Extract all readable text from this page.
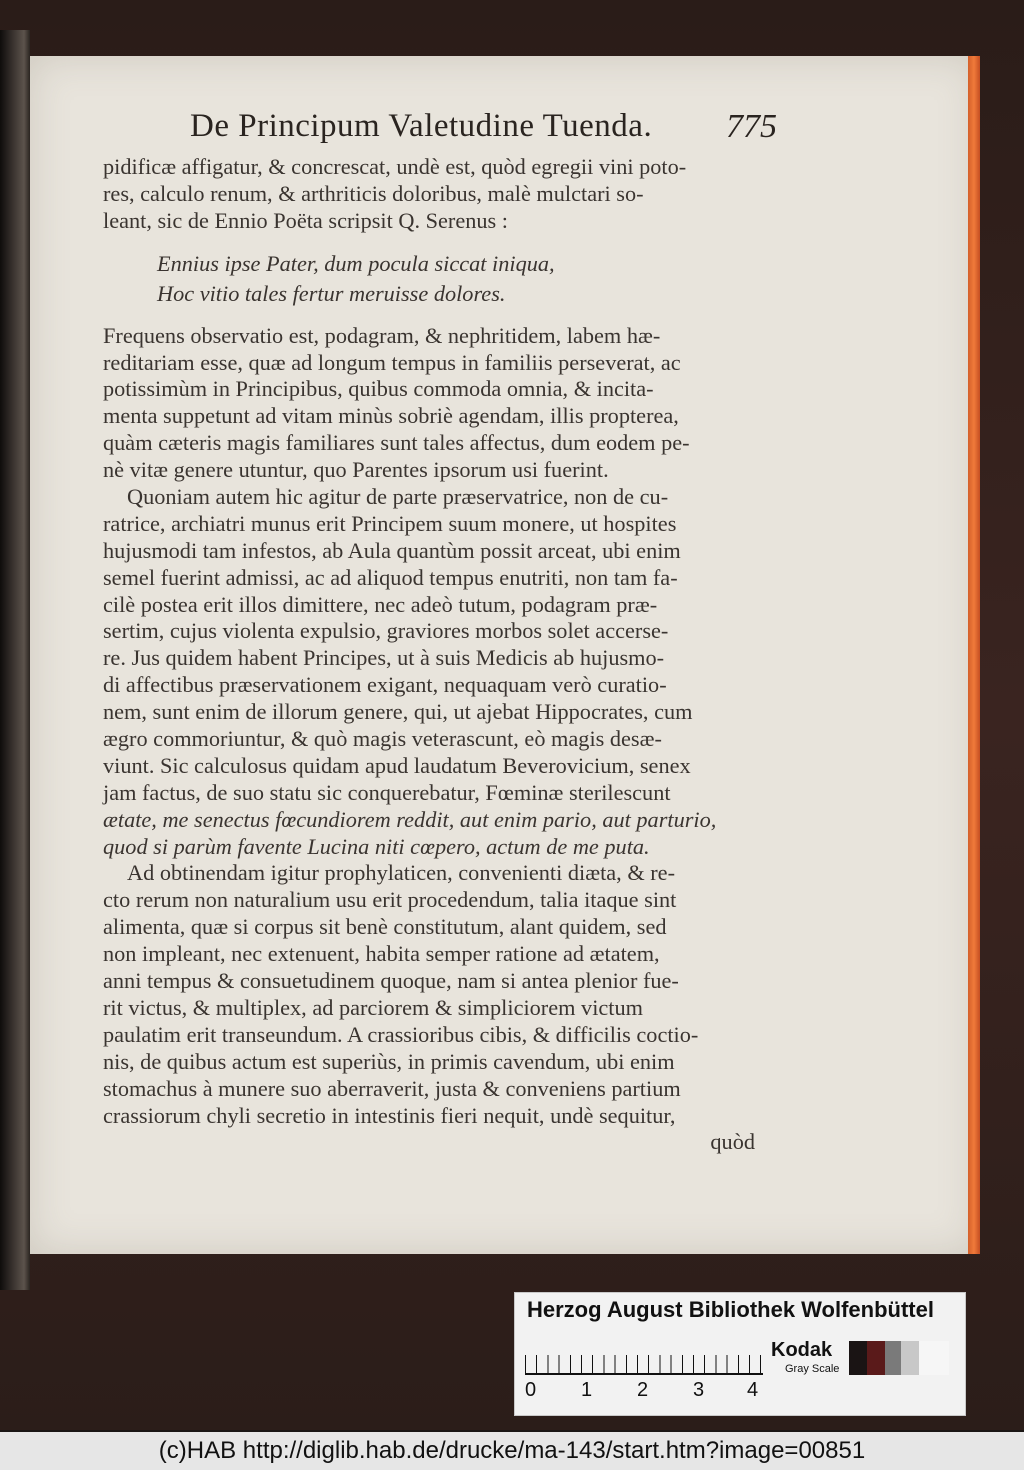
De Principum Valetudine Tuenda.	775
pidificæ affigatur, & concrescat, undè est, quòd egregii vini poto-
res, calculo renum, & arthriticis doloribus, malè mulctari so-
leant, sic de Ennio Poëta scripsit Q. Serenus :
Ennius ipse Pater, dum pocula siccat iniqua,
Hoc vitio tales fertur meruisse dolores.
Frequens observatio est, podagram, & nephritidem, labem hæ-
reditariam esse, quæ ad longum tempus in familiis perseverat, ac
potissimùm in Principibus, quibus commoda omnia, & incita-
menta suppetunt ad vitam minùs sobriè agendam, illis propterea,
quàm cæteris magis familiares sunt tales affectus, dum eodem pe-
nè vitæ genere utuntur, quo Parentes ipsorum usi fuerint.
Quoniam autem hic agitur de parte præservatrice, non de cu-
ratrice, archiatri munus erit Principem suum monere, ut hospites
hujusmodi tam infestos, ab Aula quantùm possit arceat, ubi enim
semel fuerint admissi, ac ad aliquod tempus enutriti, non tam fa-
cilè postea erit illos dimittere, nec adeò tutum, podagram præ-
sertim, cujus violenta expulsio, graviores morbos solet accerse-
re. Jus quidem habent Principes, ut à suis Medicis ab hujusmo-
di affectibus præservationem exigant, nequaquam verò curatio-
nem, sunt enim de illorum genere, qui, ut ajebat Hippocrates, cum
ægro commoriuntur, & quò magis veterascunt, eò magis desæ-
viunt. Sic calculosus quidam apud laudatum Beverovicium, senex
jam factus, de suo statu sic conquerebatur, Fœminæ sterilescunt
ætate, me senectus fœcundiorem reddit, aut enim pario, aut parturio,
quod si parùm favente Lucina niti cœpero, actum de me puta.
Ad obtinendam igitur prophylaticen, convenienti diæta, & re-
cto rerum non naturalium usu erit procedendum, talia itaque sint
alimenta, quæ si corpus sit benè constitutum, alant quidem, sed
non impleant, nec extenuent, habita semper ratione ad ætatem,
anni tempus & consuetudinem quoque, nam si antea plenior fue-
rit victus, & multiplex, ad parciorem & simpliciorem victum
paulatim erit transeundum. A crassioribus cibis, & difficilis coctio-
nis, de quibus actum est superiùs, in primis cavendum, ubi enim
stomachus à munere suo aberraverit, justa & conveniens partium
crassiorum chyli secretio in intestinis fieri nequit, undè sequitur,
quòd
Herzog August Bibliothek Wolfenbüttel
0 1 2 3 4
Kodak
Gray Scale
(c)HAB http://diglib.hab.de/drucke/ma-143/start.htm?image=00851
